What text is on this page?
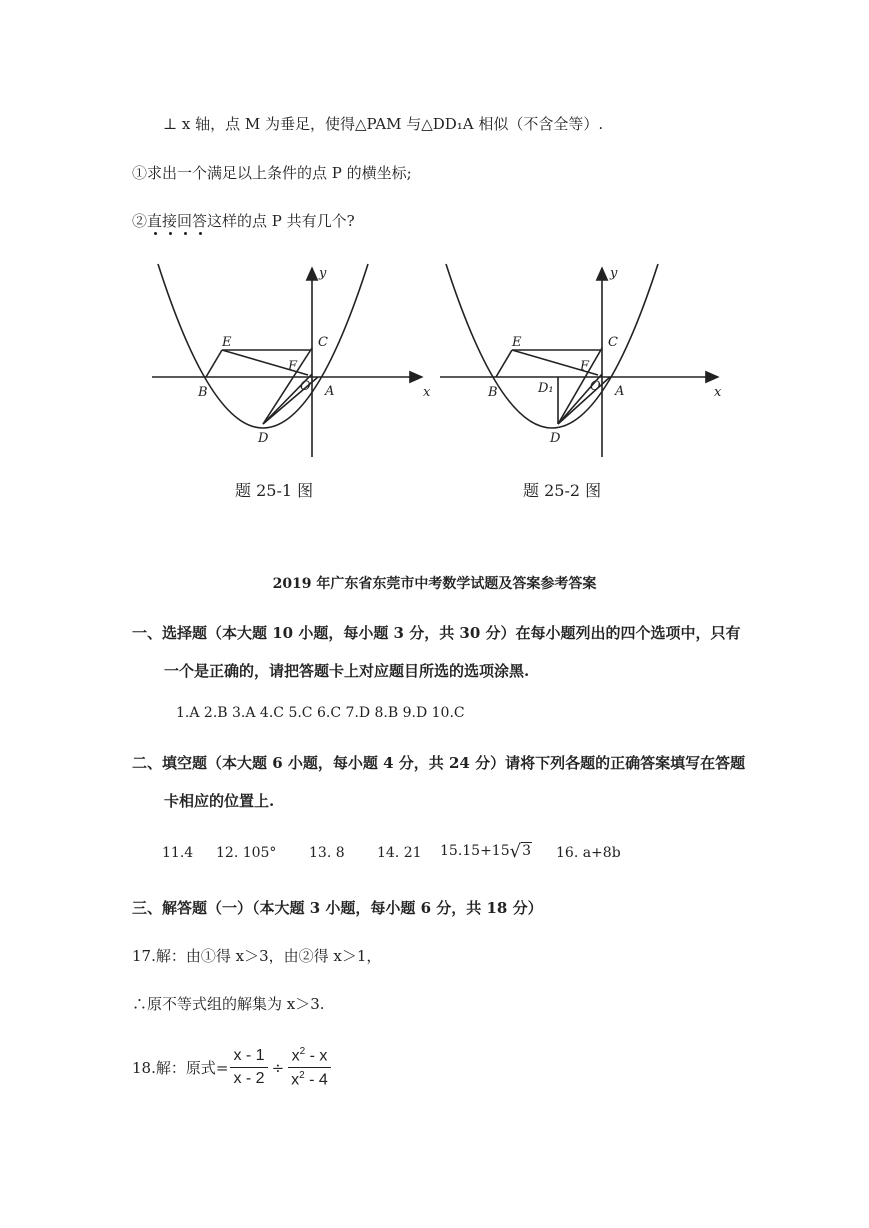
⊥ x 轴，点 M 为垂足，使得△PAM 与△DD₁A 相似（不含全等）.
①求出一个满足以上条件的点 P 的横坐标;
②直接回答这样的点 P 共有几个?
y
x
E	C
F
B	O A
D
题 25-1 图
y
x
E	C
F
B	D₁	O A
D
题 25-2 图
2019 年广东省东莞市中考数学试题及答案参考答案
一、选择题（本大题 10 小题，每小题 3 分，共 30 分）在每小题列出的四个选项中，只有
一个是正确的，请把答题卡上对应题目所选的选项涂黑.
1.A 2.B 3.A 4.C 5.C 6.C 7.D 8.B 9.D 10.C
二、填空题（本大题 6 小题，每小题 4 分，共 24 分）请将下列各题的正确答案填写在答题
卡相应的位置上.
11.4 12. 105° 13. 8 14. 21 15.15+15√3 16. a+8b
三、解答题（一）（本大题 3 小题，每小题 6 分，共 18 分）
17.解：由①得 x＞3，由②得 x＞1，
∴原不等式组的解集为 x＞3.
18.解：原式= $\frac{x - 1}{x - 2} \div \frac{x^2 - x}{x^2 - 4}$
